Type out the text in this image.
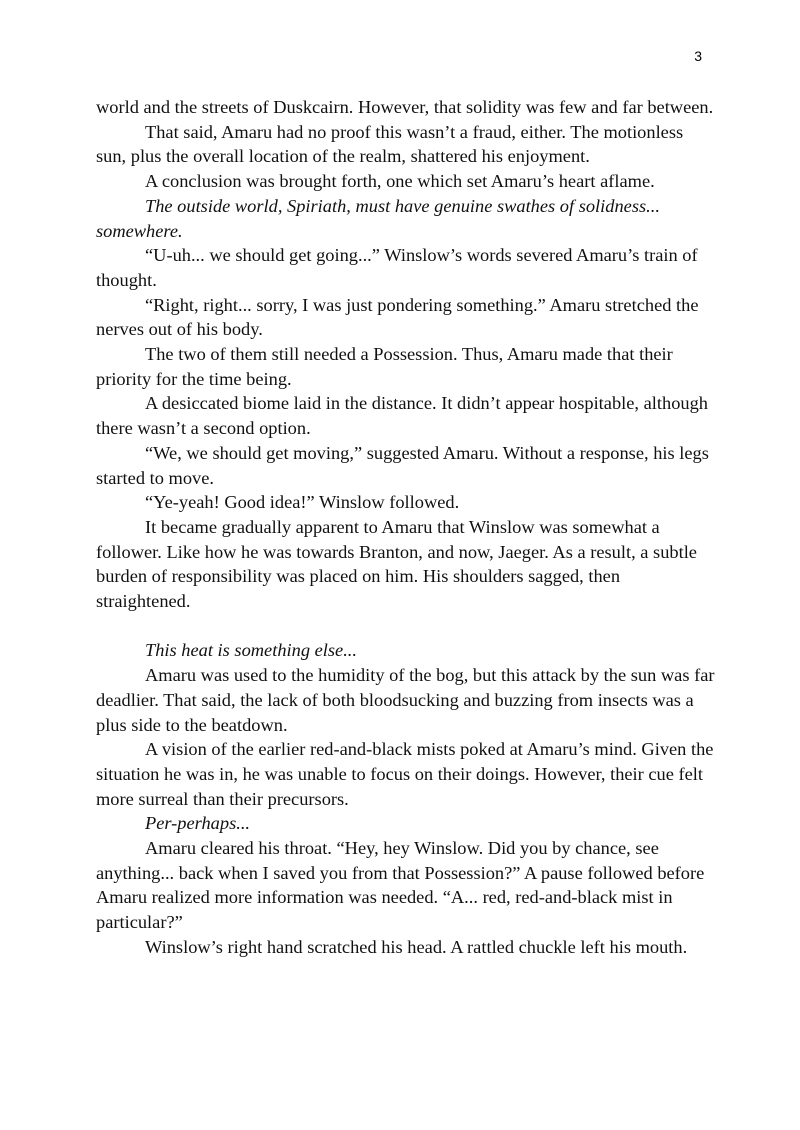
3

world and the streets of Duskcairn. However, that solidity was few and far between.

That said, Amaru had no proof this wasn’t a fraud, either. The motionless sun, plus the overall location of the realm, shattered his enjoyment.

A conclusion was brought forth, one which set Amaru’s heart aflame.

The outside world, Spiriath, must have genuine swathes of solidness... somewhere.

“U-uh... we should get going...” Winslow’s words severed Amaru’s train of thought.

“Right, right... sorry, I was just pondering something.” Amaru stretched the nerves out of his body.

The two of them still needed a Possession. Thus, Amaru made that their priority for the time being.

A desiccated biome laid in the distance. It didn’t appear hospitable, although there wasn’t a second option.

“We, we should get moving,” suggested Amaru. Without a response, his legs started to move.

“Ye-yeah! Good idea!” Winslow followed.

It became gradually apparent to Amaru that Winslow was somewhat a follower. Like how he was towards Branton, and now, Jaeger. As a result, a subtle burden of responsibility was placed on him. His shoulders sagged, then straightened.

This heat is something else...

Amaru was used to the humidity of the bog, but this attack by the sun was far deadlier. That said, the lack of both bloodsucking and buzzing from insects was a plus side to the beatdown.

A vision of the earlier red-and-black mists poked at Amaru’s mind. Given the situation he was in, he was unable to focus on their doings. However, their cue felt more surreal than their precursors.

Per-perhaps...

Amaru cleared his throat. “Hey, hey Winslow. Did you by chance, see anything... back when I saved you from that Possession?” A pause followed before Amaru realized more information was needed. “A... red, red-and-black mist in particular?”

Winslow’s right hand scratched his head. A rattled chuckle left his mouth.
